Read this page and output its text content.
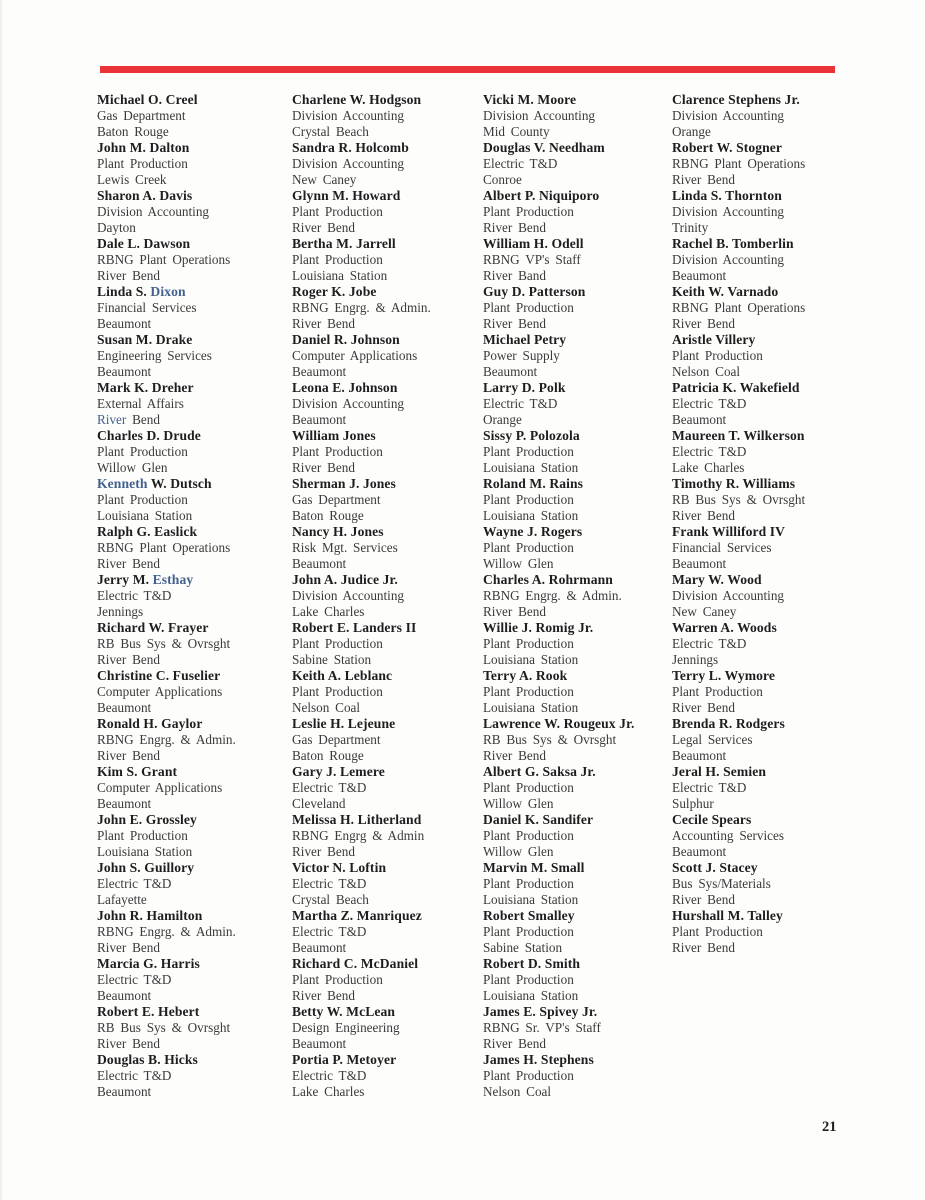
Michael O. Creel
Gas Department
Baton Rouge
John M. Dalton
Plant Production
Lewis Creek
Sharon A. Davis
Division Accounting
Dayton
Dale L. Dawson
RBNG Plant Operations
River Bend
Linda S. Dixon
Financial Services
Beaumont
Susan M. Drake
Engineering Services
Beaumont
Mark K. Dreher
External Affairs
River Bend
Charles D. Drude
Plant Production
Willow Glen
Kenneth W. Dutsch
Plant Production
Louisiana Station
Ralph G. Easlick
RBNG Plant Operations
River Bend
Jerry M. Esthay
Electric T&D
Jennings
Richard W. Frayer
RB Bus Sys & Ovrsght
River Bend
Christine C. Fuselier
Computer Applications
Beaumont
Ronald H. Gaylor
RBNG Engrg. & Admin.
River Bend
Kim S. Grant
Computer Applications
Beaumont
John E. Grossley
Plant Production
Louisiana Station
John S. Guillory
Electric T&D
Lafayette
John R. Hamilton
RBNG Engrg. & Admin.
River Bend
Marcia G. Harris
Electric T&D
Beaumont
Robert E. Hebert
RB Bus Sys & Ovrsght
River Bend
Douglas B. Hicks
Electric T&D
Beaumont
Charlene W. Hodgson
Division Accounting
Crystal Beach
Sandra R. Holcomb
Division Accounting
New Caney
Glynn M. Howard
Plant Production
River Bend
Bertha M. Jarrell
Plant Production
Louisiana Station
Roger K. Jobe
RBNG Engrg. & Admin.
River Bend
Daniel R. Johnson
Computer Applications
Beaumont
Leona E. Johnson
Division Accounting
Beaumont
William Jones
Plant Production
River Bend
Sherman J. Jones
Gas Department
Baton Rouge
Nancy H. Jones
Risk Mgt. Services
Beaumont
John A. Judice Jr.
Division Accounting
Lake Charles
Robert E. Landers II
Plant Production
Sabine Station
Keith A. Leblanc
Plant Production
Nelson Coal
Leslie H. Lejeune
Gas Department
Baton Rouge
Gary J. Lemere
Electric T&D
Cleveland
Melissa H. Litherland
RBNG Engrg & Admin
River Bend
Victor N. Loftin
Electric T&D
Crystal Beach
Martha Z. Manriquez
Electric T&D
Beaumont
Richard C. McDaniel
Plant Production
River Bend
Betty W. McLean
Design Engineering
Beaumont
Portia P. Metoyer
Electric T&D
Lake Charles
Vicki M. Moore
Division Accounting
Mid County
Douglas V. Needham
Electric T&D
Conroe
Albert P. Niquiporo
Plant Production
River Bend
William H. Odell
RBNG VP's Staff
River Band
Guy D. Patterson
Plant Production
River Bend
Michael Petry
Power Supply
Beaumont
Larry D. Polk
Electric T&D
Orange
Sissy P. Polozola
Plant Production
Louisiana Station
Roland M. Rains
Plant Production
Louisiana Station
Wayne J. Rogers
Plant Production
Willow Glen
Charles A. Rohrmann
RBNG Engrg. & Admin.
River Bend
Willie J. Romig Jr.
Plant Production
Louisiana Station
Terry A. Rook
Plant Production
Louisiana Station
Lawrence W. Rougeux Jr.
RB Bus Sys & Ovrsght
River Bend
Albert G. Saksa Jr.
Plant Production
Willow Glen
Daniel K. Sandifer
Plant Production
Willow Glen
Marvin M. Small
Plant Production
Louisiana Station
Robert Smalley
Plant Production
Sabine Station
Robert D. Smith
Plant Production
Louisiana Station
James E. Spivey Jr.
RBNG Sr. VP's Staff
River Bend
James H. Stephens
Plant Production
Nelson Coal
Clarence Stephens Jr.
Division Accounting
Orange
Robert W. Stogner
RBNG Plant Operations
River Bend
Linda S. Thornton
Division Accounting
Trinity
Rachel B. Tomberlin
Division Accounting
Beaumont
Keith W. Varnado
RBNG Plant Operations
River Bend
Aristle Villery
Plant Production
Nelson Coal
Patricia K. Wakefield
Electric T&D
Beaumont
Maureen T. Wilkerson
Electric T&D
Lake Charles
Timothy R. Williams
RB Bus Sys & Ovrsght
River Bend
Frank Williford IV
Financial Services
Beaumont
Mary W. Wood
Division Accounting
New Caney
Warren A. Woods
Electric T&D
Jennings
Terry L. Wymore
Plant Production
River Bend
Brenda R. Rodgers
Legal Services
Beaumont
Jeral H. Semien
Electric T&D
Sulphur
Cecile Spears
Accounting Services
Beaumont
Scott J. Stacey
Bus Sys/Materials
River Bend
Hurshall M. Talley
Plant Production
River Bend
21
